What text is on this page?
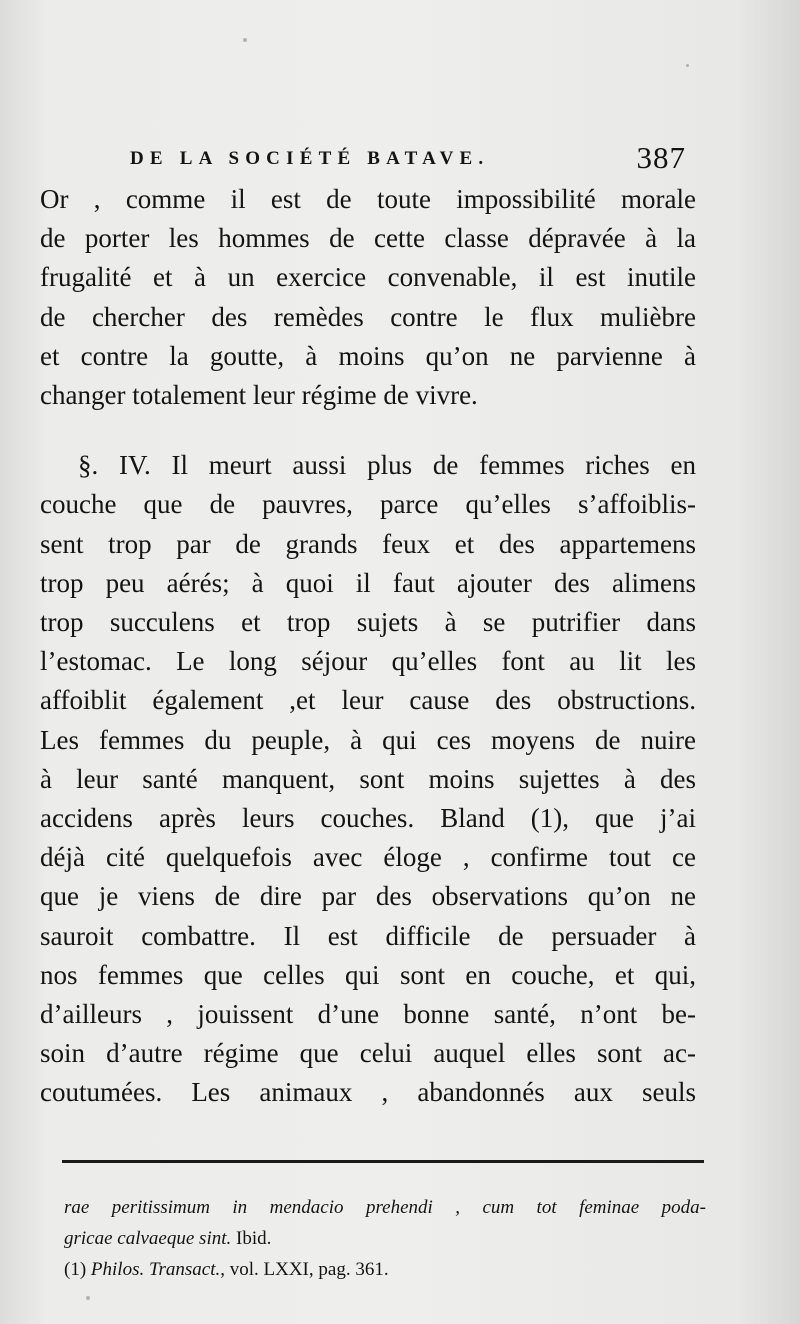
DE LA SOCIÉTÉ BATAVE.	387
Or , comme il est de toute impossibilité morale
de porter les hommes de cette classe dépravée à la
frugalité et à un exercice convenable, il est inutile
de chercher des remèdes contre le flux mulièbre
et contre la goutte, à moins qu’on ne parvienne à
changer totalement leur régime de vivre.
§. IV. Il meurt aussi plus de femmes riches en
couche que de pauvres, parce qu’elles s’affoiblis-
sent trop par de grands feux et des appartemens
trop peu aérés; à quoi il faut ajouter des alimens
trop succulens et trop sujets à se putrifier dans
l’estomac. Le long séjour qu’elles font au lit les
affoiblit également ,et leur cause des obstructions.
Les femmes du peuple, à qui ces moyens de nuire
à leur santé manquent, sont moins sujettes à des
accidens après leurs couches. Bland (1), que j’ai
déjà cité quelquefois avec éloge , confirme tout ce
que je viens de dire par des observations qu’on ne
sauroit combattre. Il est difficile de persuader à
nos femmes que celles qui sont en couche, et qui,
d’ailleurs , jouissent d’une bonne santé, n’ont be-
soin d’autre régime que celui auquel elles sont ac-
coutumées. Les animaux , abandonnés aux seuls
rae peritissimum in mendacio prehendi , cum tot feminae poda-
gricae calvaeque sint. Ibid.
(1) Philos. Transact., vol. LXXI, pag. 361.
